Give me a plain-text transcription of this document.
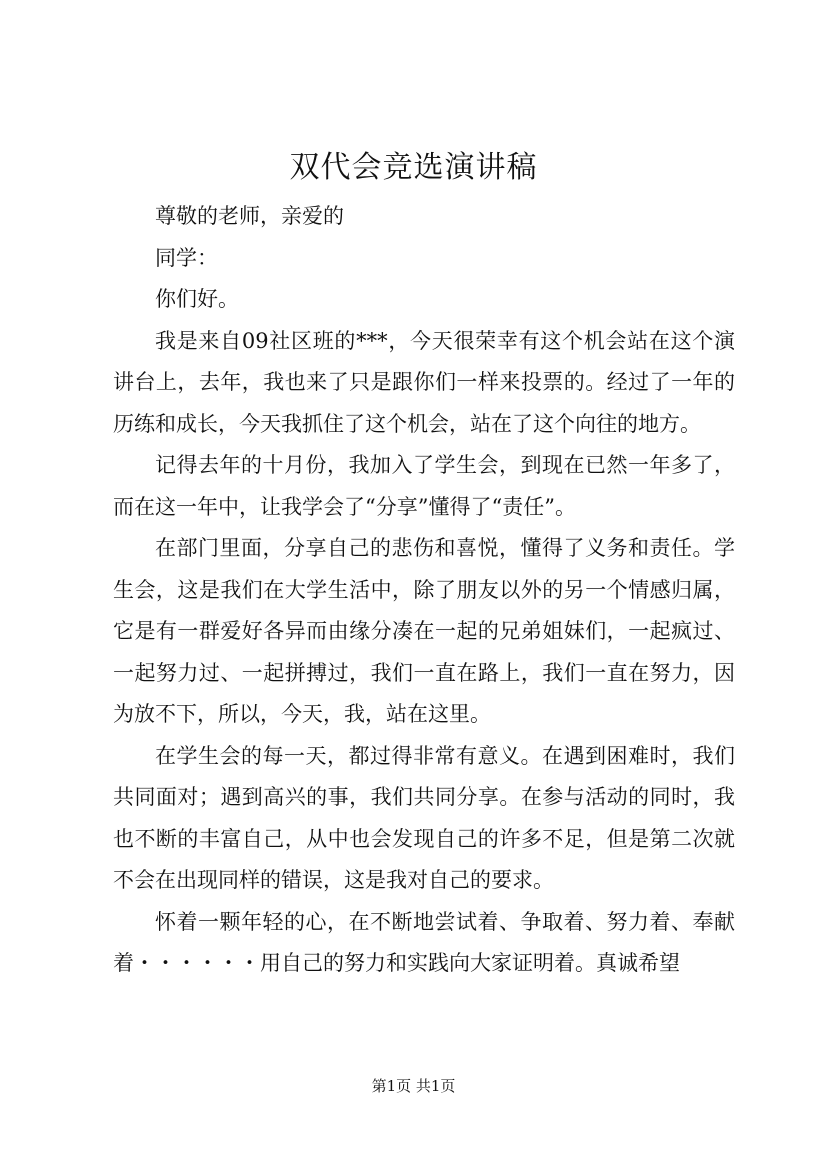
双代会竞选演讲稿

尊敬的老师，亲爱的

同学：

你们好。

我是来自09社区班的***，今天很荣幸有这个机会站在这个演讲台上，去年，我也来了只是跟你们一样来投票的。经过了一年的历练和成长，今天我抓住了这个机会，站在了这个向往的地方。

记得去年的十月份，我加入了学生会，到现在已然一年多了，而在这一年中，让我学会了“分享”懂得了“责任”。

在部门里面，分享自己的悲伤和喜悦，懂得了义务和责任。学生会，这是我们在大学生活中，除了朋友以外的另一个情感归属，它是有一群爱好各异而由缘分凑在一起的兄弟姐妹们，一起疯过、一起努力过、一起拼搏过，我们一直在路上，我们一直在努力，因为放不下，所以，今天，我，站在这里。

在学生会的每一天，都过得非常有意义。在遇到困难时，我们共同面对；遇到高兴的事，我们共同分享。在参与活动的同时，我也不断的丰富自己，从中也会发现自己的许多不足，但是第二次就不会在出现同样的错误，这是我对自己的要求。

怀着一颗年轻的心，在不断地尝试着、争取着、努力着、奉献着・・・・・・用自己的努力和实践向大家证明着。真诚希望

第1页 共1页
